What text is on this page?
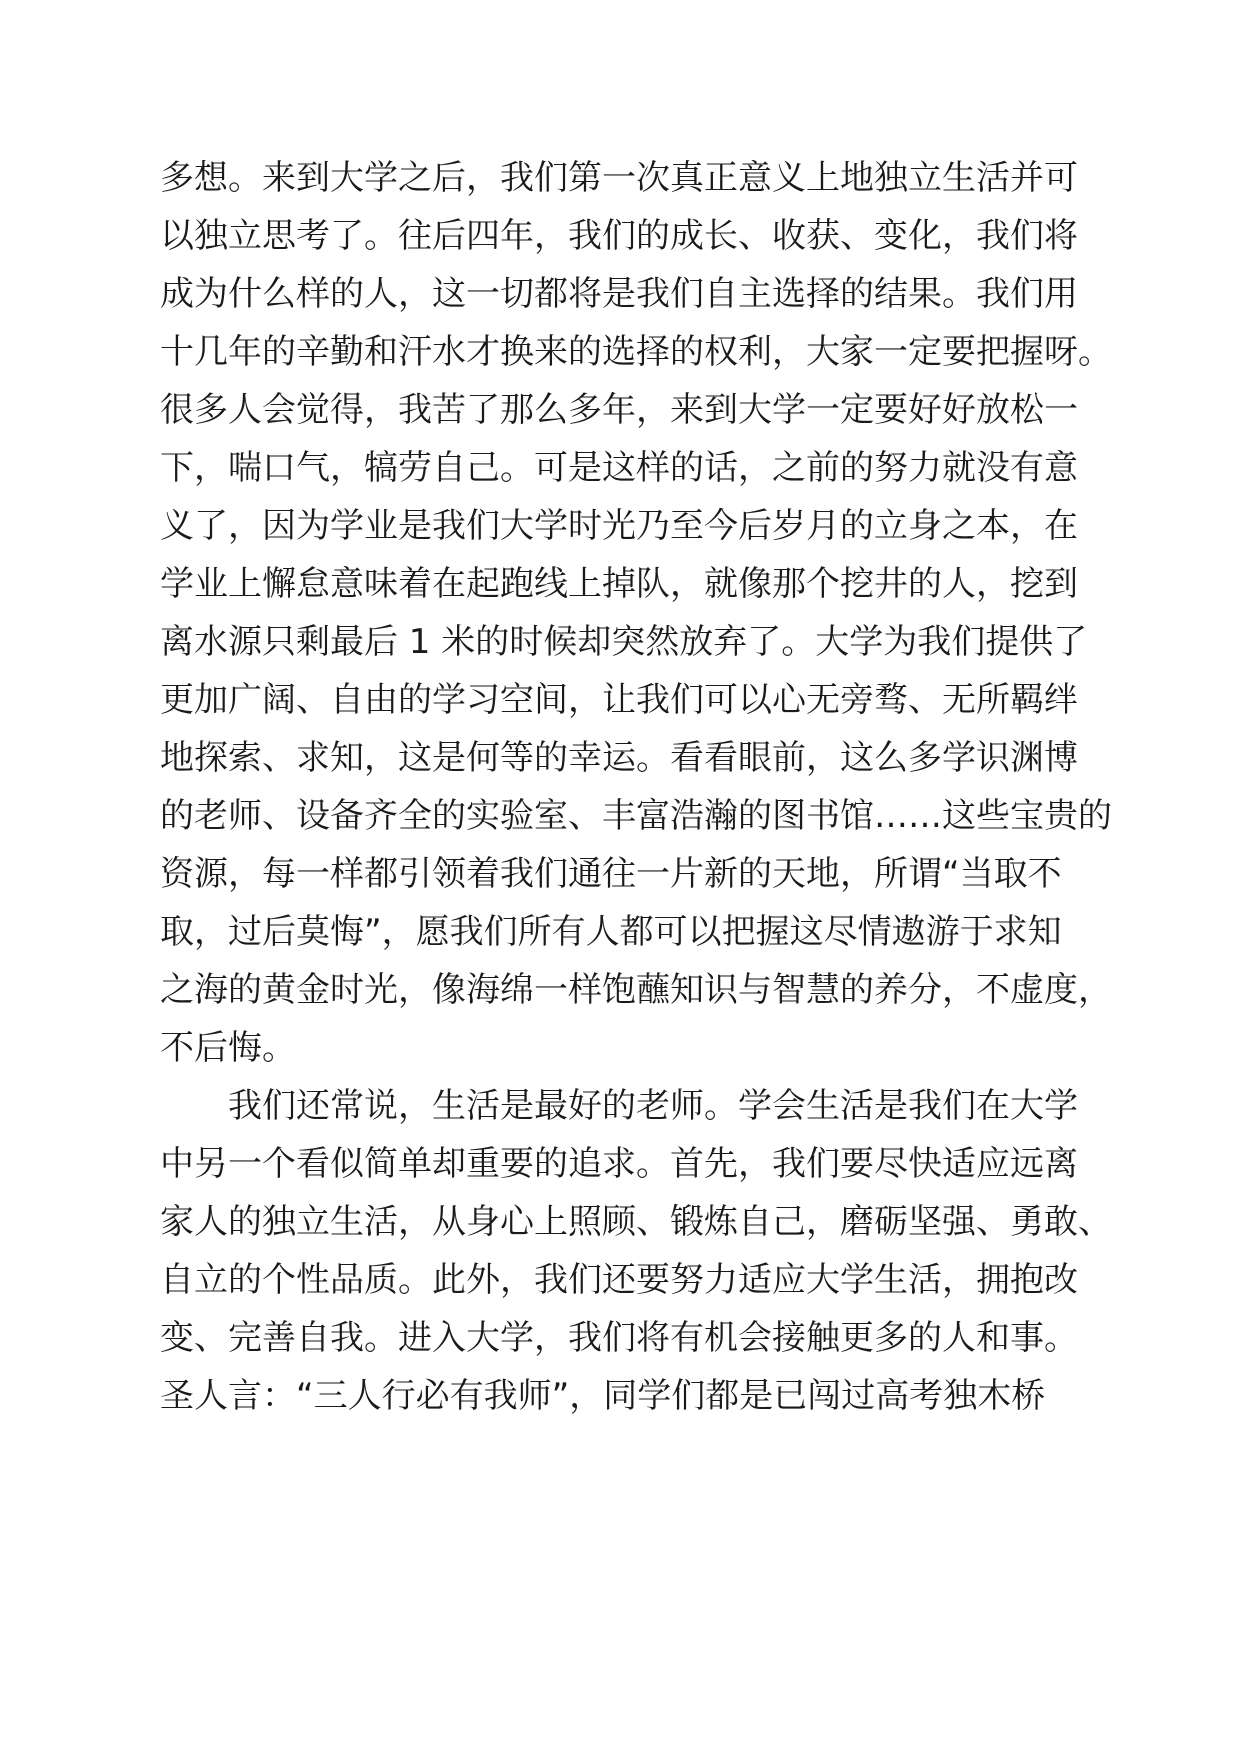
多想。来到大学之后，我们第一次真正意义上地独立生活并可
以独立思考了。往后四年，我们的成长、收获、变化，我们将
成为什么样的人，这一切都将是我们自主选择的结果。我们用
十几年的辛勤和汗水才换来的选择的权利，大家一定要把握呀。
很多人会觉得，我苦了那么多年，来到大学一定要好好放松一
下，喘口气，犒劳自己。可是这样的话，之前的努力就没有意
义了，因为学业是我们大学时光乃至今后岁月的立身之本，在
学业上懈怠意味着在起跑线上掉队，就像那个挖井的人，挖到
离水源只剩最后 1 米的时候却突然放弃了。大学为我们提供了
更加广阔、自由的学习空间，让我们可以心无旁骛、无所羁绊
地探索、求知，这是何等的幸运。看看眼前，这么多学识渊博
的老师、设备齐全的实验室、丰富浩瀚的图书馆……这些宝贵的
资源，每一样都引领着我们通往一片新的天地，所谓“当取不
取，过后莫悔”，愿我们所有人都可以把握这尽情遨游于求知
之海的黄金时光，像海绵一样饱蘸知识与智慧的养分，不虚度，
不后悔。
　　我们还常说，生活是最好的老师。学会生活是我们在大学
中另一个看似简单却重要的追求。首先，我们要尽快适应远离
家人的独立生活，从身心上照顾、锻炼自己，磨砺坚强、勇敢、
自立的个性品质。此外，我们还要努力适应大学生活，拥抱改
变、完善自我。进入大学，我们将有机会接触更多的人和事。
圣人言：“三人行必有我师”，同学们都是已闯过高考独木桥
